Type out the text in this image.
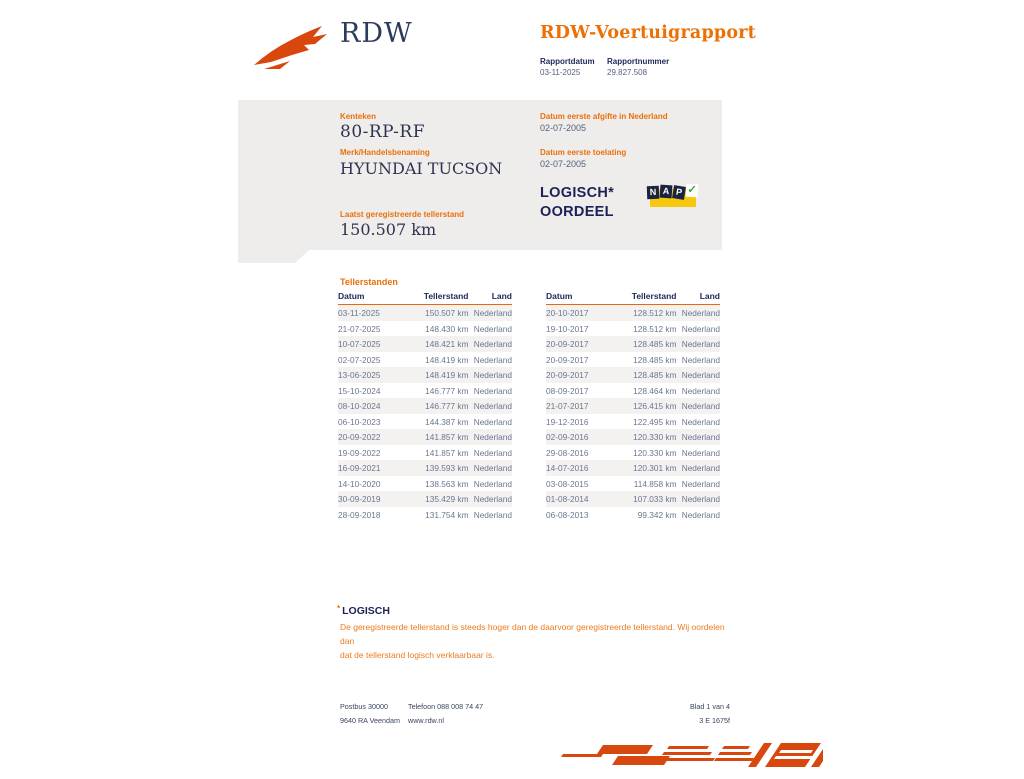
RDW	RDW-Voertuigrapport
Rapportdatum Rapportnummer
03-11-2025	29.827.508
Kenteken
80-RP-RF
Merk/Handelsbenaming
HYUNDAI TUCSON
Laatst geregistreerde tellerstand
150.507 km
Datum eerste afgifte in Nederland
02-07-2005
Datum eerste toelating
02-07-2005
LOGISCH*
OORDEEL
N A P ✓
Tellerstanden
Datum	Tellerstand	Land
03-11-2025	150.507 km	Nederland
21-07-2025	148.430 km	Nederland
10-07-2025	148.421 km	Nederland
02-07-2025	148.419 km	Nederland
13-06-2025	148.419 km	Nederland
15-10-2024	146.777 km	Nederland
08-10-2024	146.777 km	Nederland
06-10-2023	144.387 km	Nederland
20-09-2022	141.857 km	Nederland
19-09-2022	141.857 km	Nederland
16-09-2021	139.593 km	Nederland
14-10-2020	138.563 km	Nederland
30-09-2019	135.429 km	Nederland
28-09-2018	131.754 km	Nederland
Datum	Tellerstand	Land
20-10-2017	128.512 km	Nederland
19-10-2017	128.512 km	Nederland
20-09-2017	128.485 km	Nederland
20-09-2017	128.485 km	Nederland
20-09-2017	128.485 km	Nederland
08-09-2017	128.464 km	Nederland
21-07-2017	126.415 km	Nederland
19-12-2016	122.495 km	Nederland
02-09-2016	120.330 km	Nederland
29-08-2016	120.330 km	Nederland
14-07-2016	120.301 km	Nederland
03-08-2015	114.858 km	Nederland
01-08-2014	107.033 km	Nederland
06-08-2013	99.342 km	Nederland
* LOGISCH
De geregistreerde tellerstand is steeds hoger dan de daarvoor geregistreerde tellerstand. Wij oordelen dan
dat de tellerstand logisch verklaarbaar is.
Postbus 30000
9640 RA Veendam
Telefoon 088 008 74 47
www.rdw.nl
Blad 1 van 4
3 E 1675f
